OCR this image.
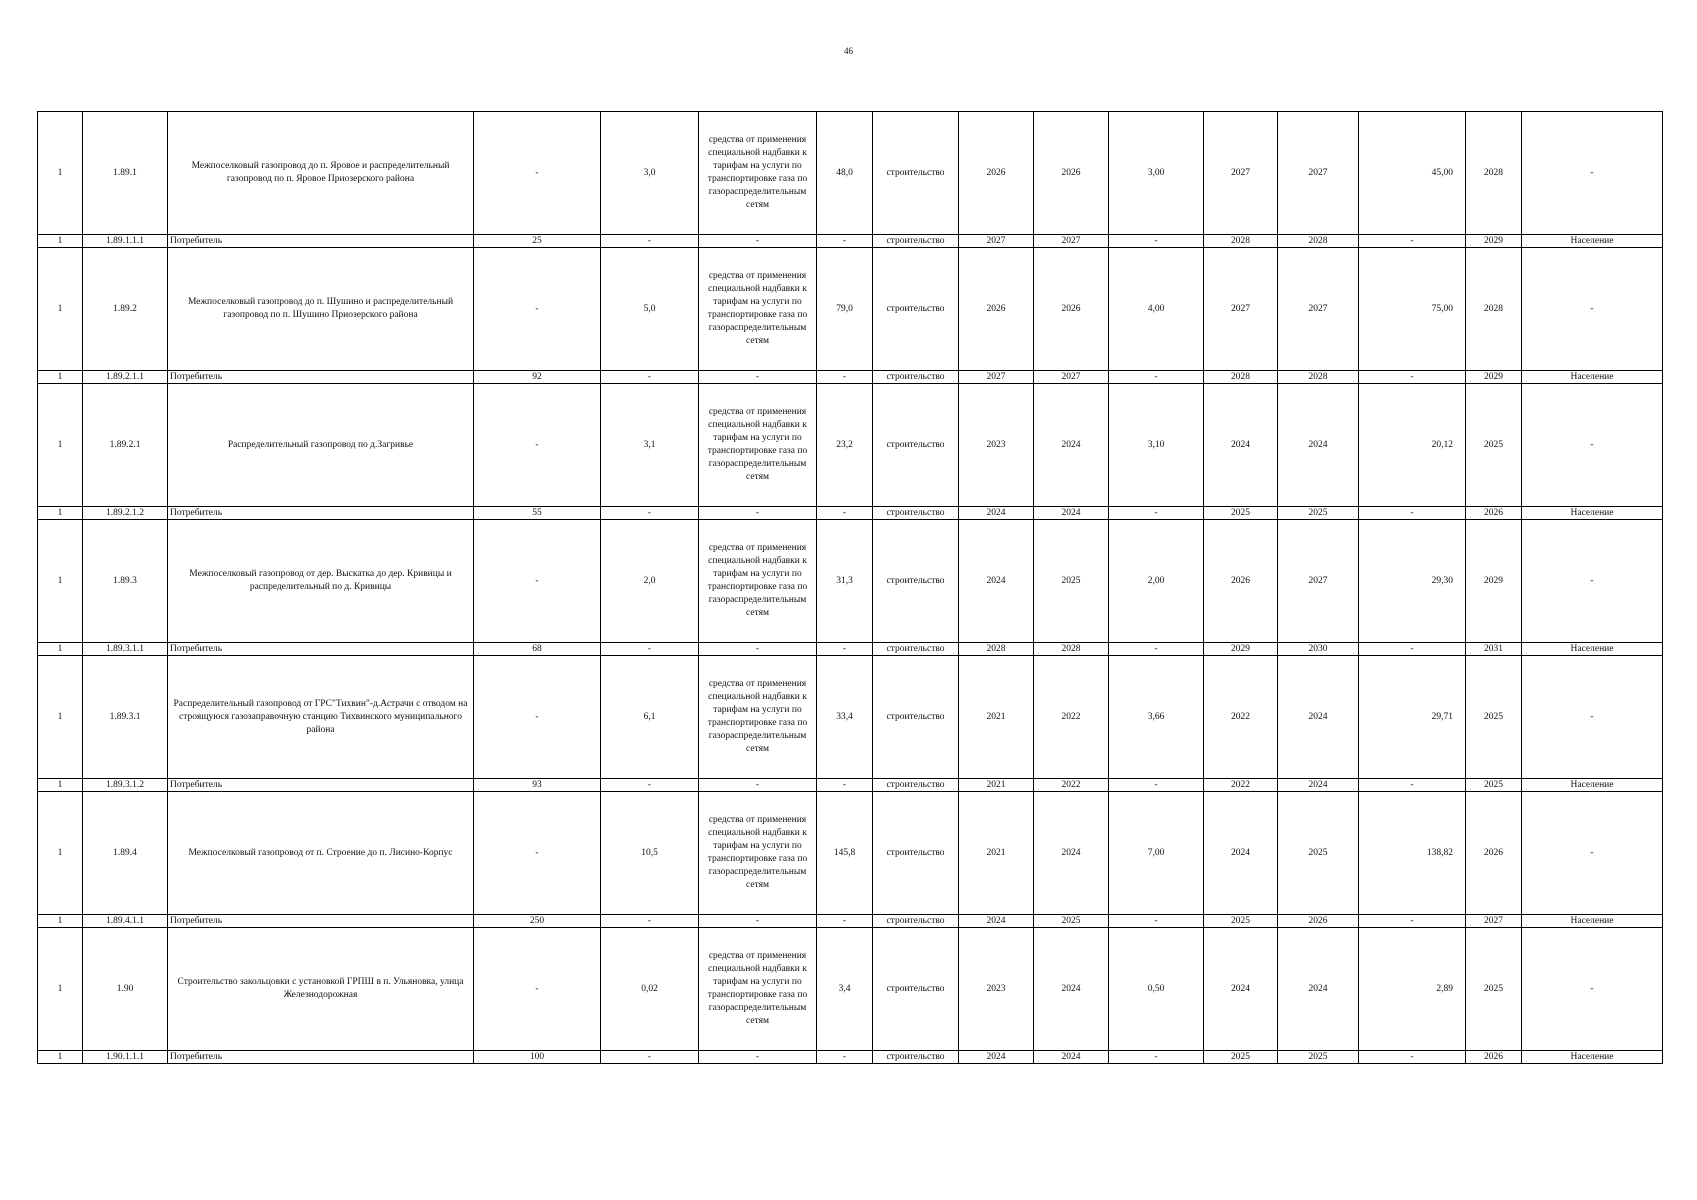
46
1	1.89.1	Межпоселковый газопровод до п. Яровое и распределительный газопровод по п. Яровое Приозерского района	-	3,0	средства от применения специальной надбавки к тарифам на услуги по транспортировке газа по газораспределительным сетям	48,0	строительство	2026	2026	3,00	2027	2027	45,00	2028	-
1	1.89.1.1.1	Потребитель	25	-	-	-	строительство	2027	2027	-	2028	2028	-	2029	Население
1	1.89.2	Межпоселковый газопровод до п. Шушино и распределительный газопровод по п. Шушино Приозерского района	-	5,0	средства от применения специальной надбавки к тарифам на услуги по транспортировке газа по газораспределительным сетям	79,0	строительство	2026	2026	4,00	2027	2027	75,00	2028	-
1	1.89.2.1.1	Потребитель	92	-	-	-	строительство	2027	2027	-	2028	2028	-	2029	Население
1	1.89.2.1	Распределительный газопровод по д.Загривье	-	3,1	средства от применения специальной надбавки к тарифам на услуги по транспортировке газа по газораспределительным сетям	23,2	строительство	2023	2024	3,10	2024	2024	20,12	2025	-
1	1.89.2.1.2	Потребитель	55	-	-	-	строительство	2024	2024	-	2025	2025	-	2026	Население
1	1.89.3	Межпоселковый газопровод от дер. Выскатка до дер. Кривицы и распределительный по д. Кривицы	-	2,0	средства от применения специальной надбавки к тарифам на услуги по транспортировке газа по газораспределительным сетям	31,3	строительство	2024	2025	2,00	2026	2027	29,30	2029	-
1	1.89.3.1.1	Потребитель	68	-	-	-	строительство	2028	2028	-	2029	2030	-	2031	Население
1	1.89.3.1	Распределительный газопровод от ГРС"Тихвин"-д.Астрачи с отводом на строящуюся газозаправочную станцию Тихвинского муниципального района	-	6,1	средства от применения специальной надбавки к тарифам на услуги по транспортировке газа по газораспределительным сетям	33,4	строительство	2021	2022	3,66	2022	2024	29,71	2025	-
1	1.89.3.1.2	Потребитель	93	-	-	-	строительство	2021	2022	-	2022	2024	-	2025	Население
1	1.89.4	Межпоселковый газопровод от п. Строение до п. Лисино-Корпус	-	10,5	средства от применения специальной надбавки к тарифам на услуги по транспортировке газа по газораспределительным сетям	145,8	строительство	2021	2024	7,00	2024	2025	138,82	2026	-
1	1.89.4.1.1	Потребитель	250	-	-	-	строительство	2024	2025	-	2025	2026	-	2027	Население
1	1.90	Строительство закольцовки с установкой ГРПШ в п. Ульяновка, улица Железнодорожная	-	0,02	средства от применения специальной надбавки к тарифам на услуги по транспортировке газа по газораспределительным сетям	3,4	строительство	2023	2024	0,50	2024	2024	2,89	2025	-
1	1.90.1.1.1	Потребитель	100	-	-	-	строительство	2024	2024	-	2025	2025	-	2026	Население
